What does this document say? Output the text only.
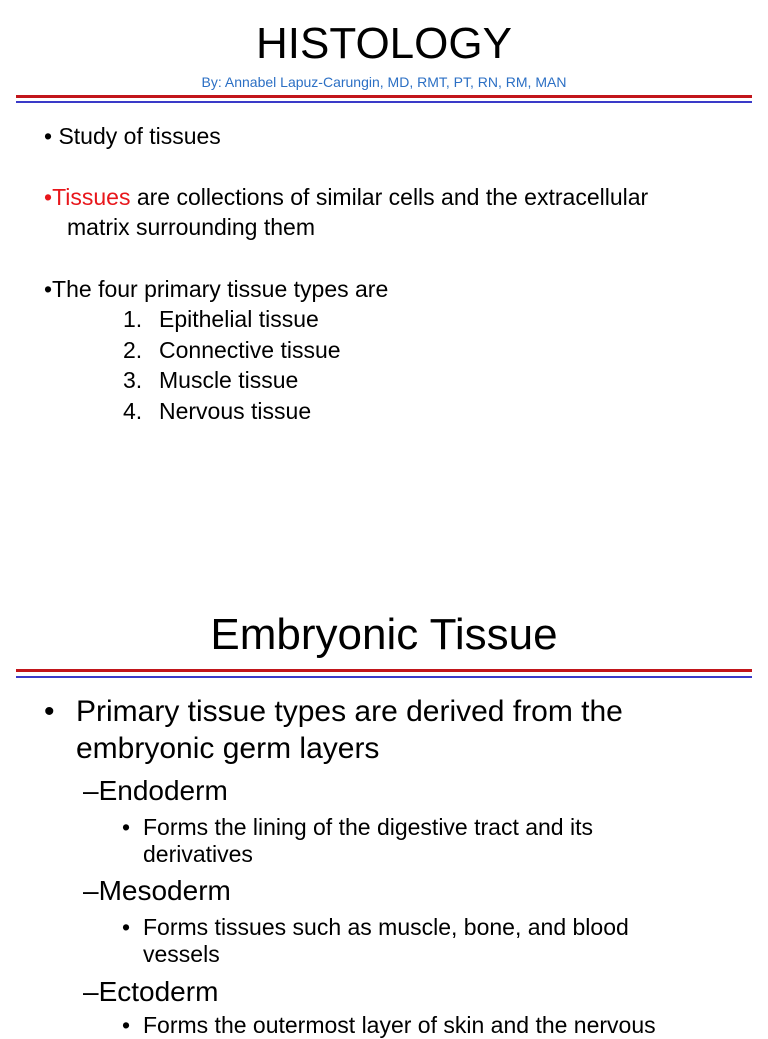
HISTOLOGY
By: Annabel Lapuz-Carungin, MD, RMT, PT, RN, RM, MAN
• Study of tissues
•Tissues are collections of similar cells and the extracellular
matrix surrounding them
•The four primary tissue types are
1. Epithelial tissue
2. Connective tissue
3. Muscle tissue
4. Nervous tissue
Embryonic Tissue
• Primary tissue types are derived from the
embryonic germ layers
–Endoderm
• Forms the lining of the digestive tract and its
derivatives
–Mesoderm
• Forms tissues such as muscle, bone, and blood
vessels
–Ectoderm
• Forms the outermost layer of skin and the nervous
